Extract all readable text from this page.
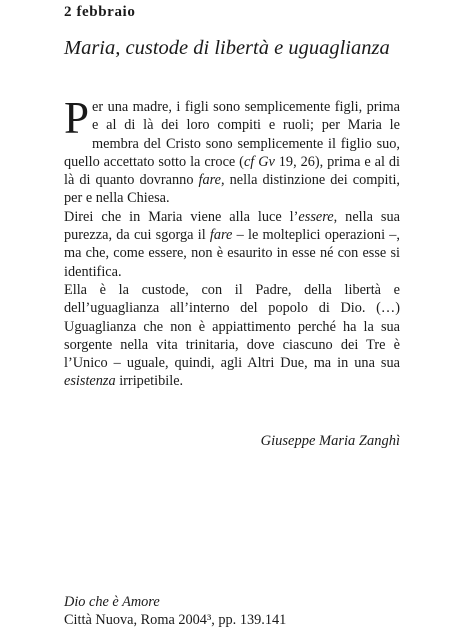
2 febbraio
Maria, custode di libertà e uguaglianza

Per una madre, i figli sono semplicemente figli, prima e al di là dei loro compiti e ruoli; per Maria le membra del Cristo sono semplicemente il figlio suo, quello accettato sotto la croce (cf Gv 19, 26), prima e al di là di quanto dovranno fare, nella distinzione dei compiti, per e nella Chiesa.

Direi che in Maria viene alla luce l’essere, nella sua purezza, da cui sgorga il fare – le molteplici operazioni –, ma che, come essere, non è esaurito in esse né con esse si identifica.

Ella è la custode, con il Padre, della libertà e dell’uguaglianza all’interno del popolo di Dio. (…) Uguaglianza che non è appiattimento perché ha la sua sorgente nella vita trinitaria, dove ciascuno dei Tre è l’Unico – uguale, quindi, agli Altri Due, ma in una sua esistenza irripetibile.

Giuseppe Maria Zanghì
Dio che è Amore
Città Nuova, Roma 2004³, pp. 139.141
